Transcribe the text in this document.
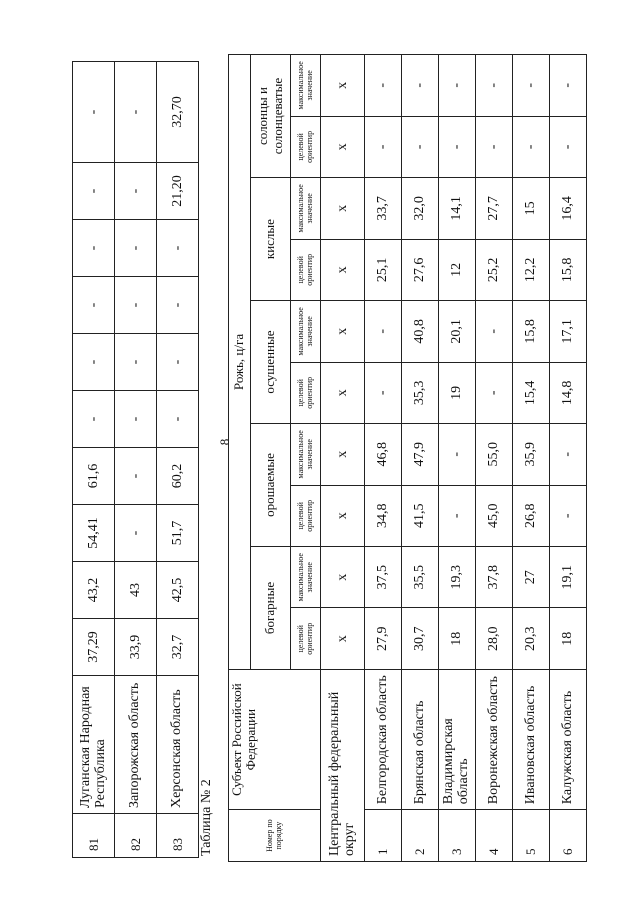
8
81	Луганская Народная Республика	37,29	43,2	54,41	61,6	-	-	-	-	-	-
82	Запорожская область	33,9	43	-	-	-	-	-	-	-	-
83	Херсонская область	32,7	42,5	51,7	60,2	-	-	-	-	21,20	32,70
Таблица № 2	Номер по порядку	Субъект Российской Федерации	Рожь, ц/га									
		богарные		орошаемые		осушенные		кислые		солонцы и солонцеватые	
		целевой ориентир	максимальное значение	целевой ориентир	максимальное значение	целевой ориентир	максимальное значение	целевой ориентир	максимальное значение	целевой ориентир	максимальное значение
Центральный федеральный округ		х	х	х	х	х	х	х	х	х	х
1	Белгородская область	27,9	37,5	34,8	46,8	-	-	25,1	33,7	-	-
2	Брянская область	30,7	35,5	41,5	47,9	35,3	40,8	27,6	32,0	-	-
3	Владимирская область	18	19,3	-	-	19	20,1	12	14,1	-	-
4	Воронежская область	28,0	37,8	45,0	55,0	-	-	25,2	27,7	-	-
5	Ивановская область	20,3	27	26,8	35,9	15,4	15,8	12,2	15	-	-
6	Калужская область	18	19,1	-	-	14,8	17,1	15,8	16,4	-	-
